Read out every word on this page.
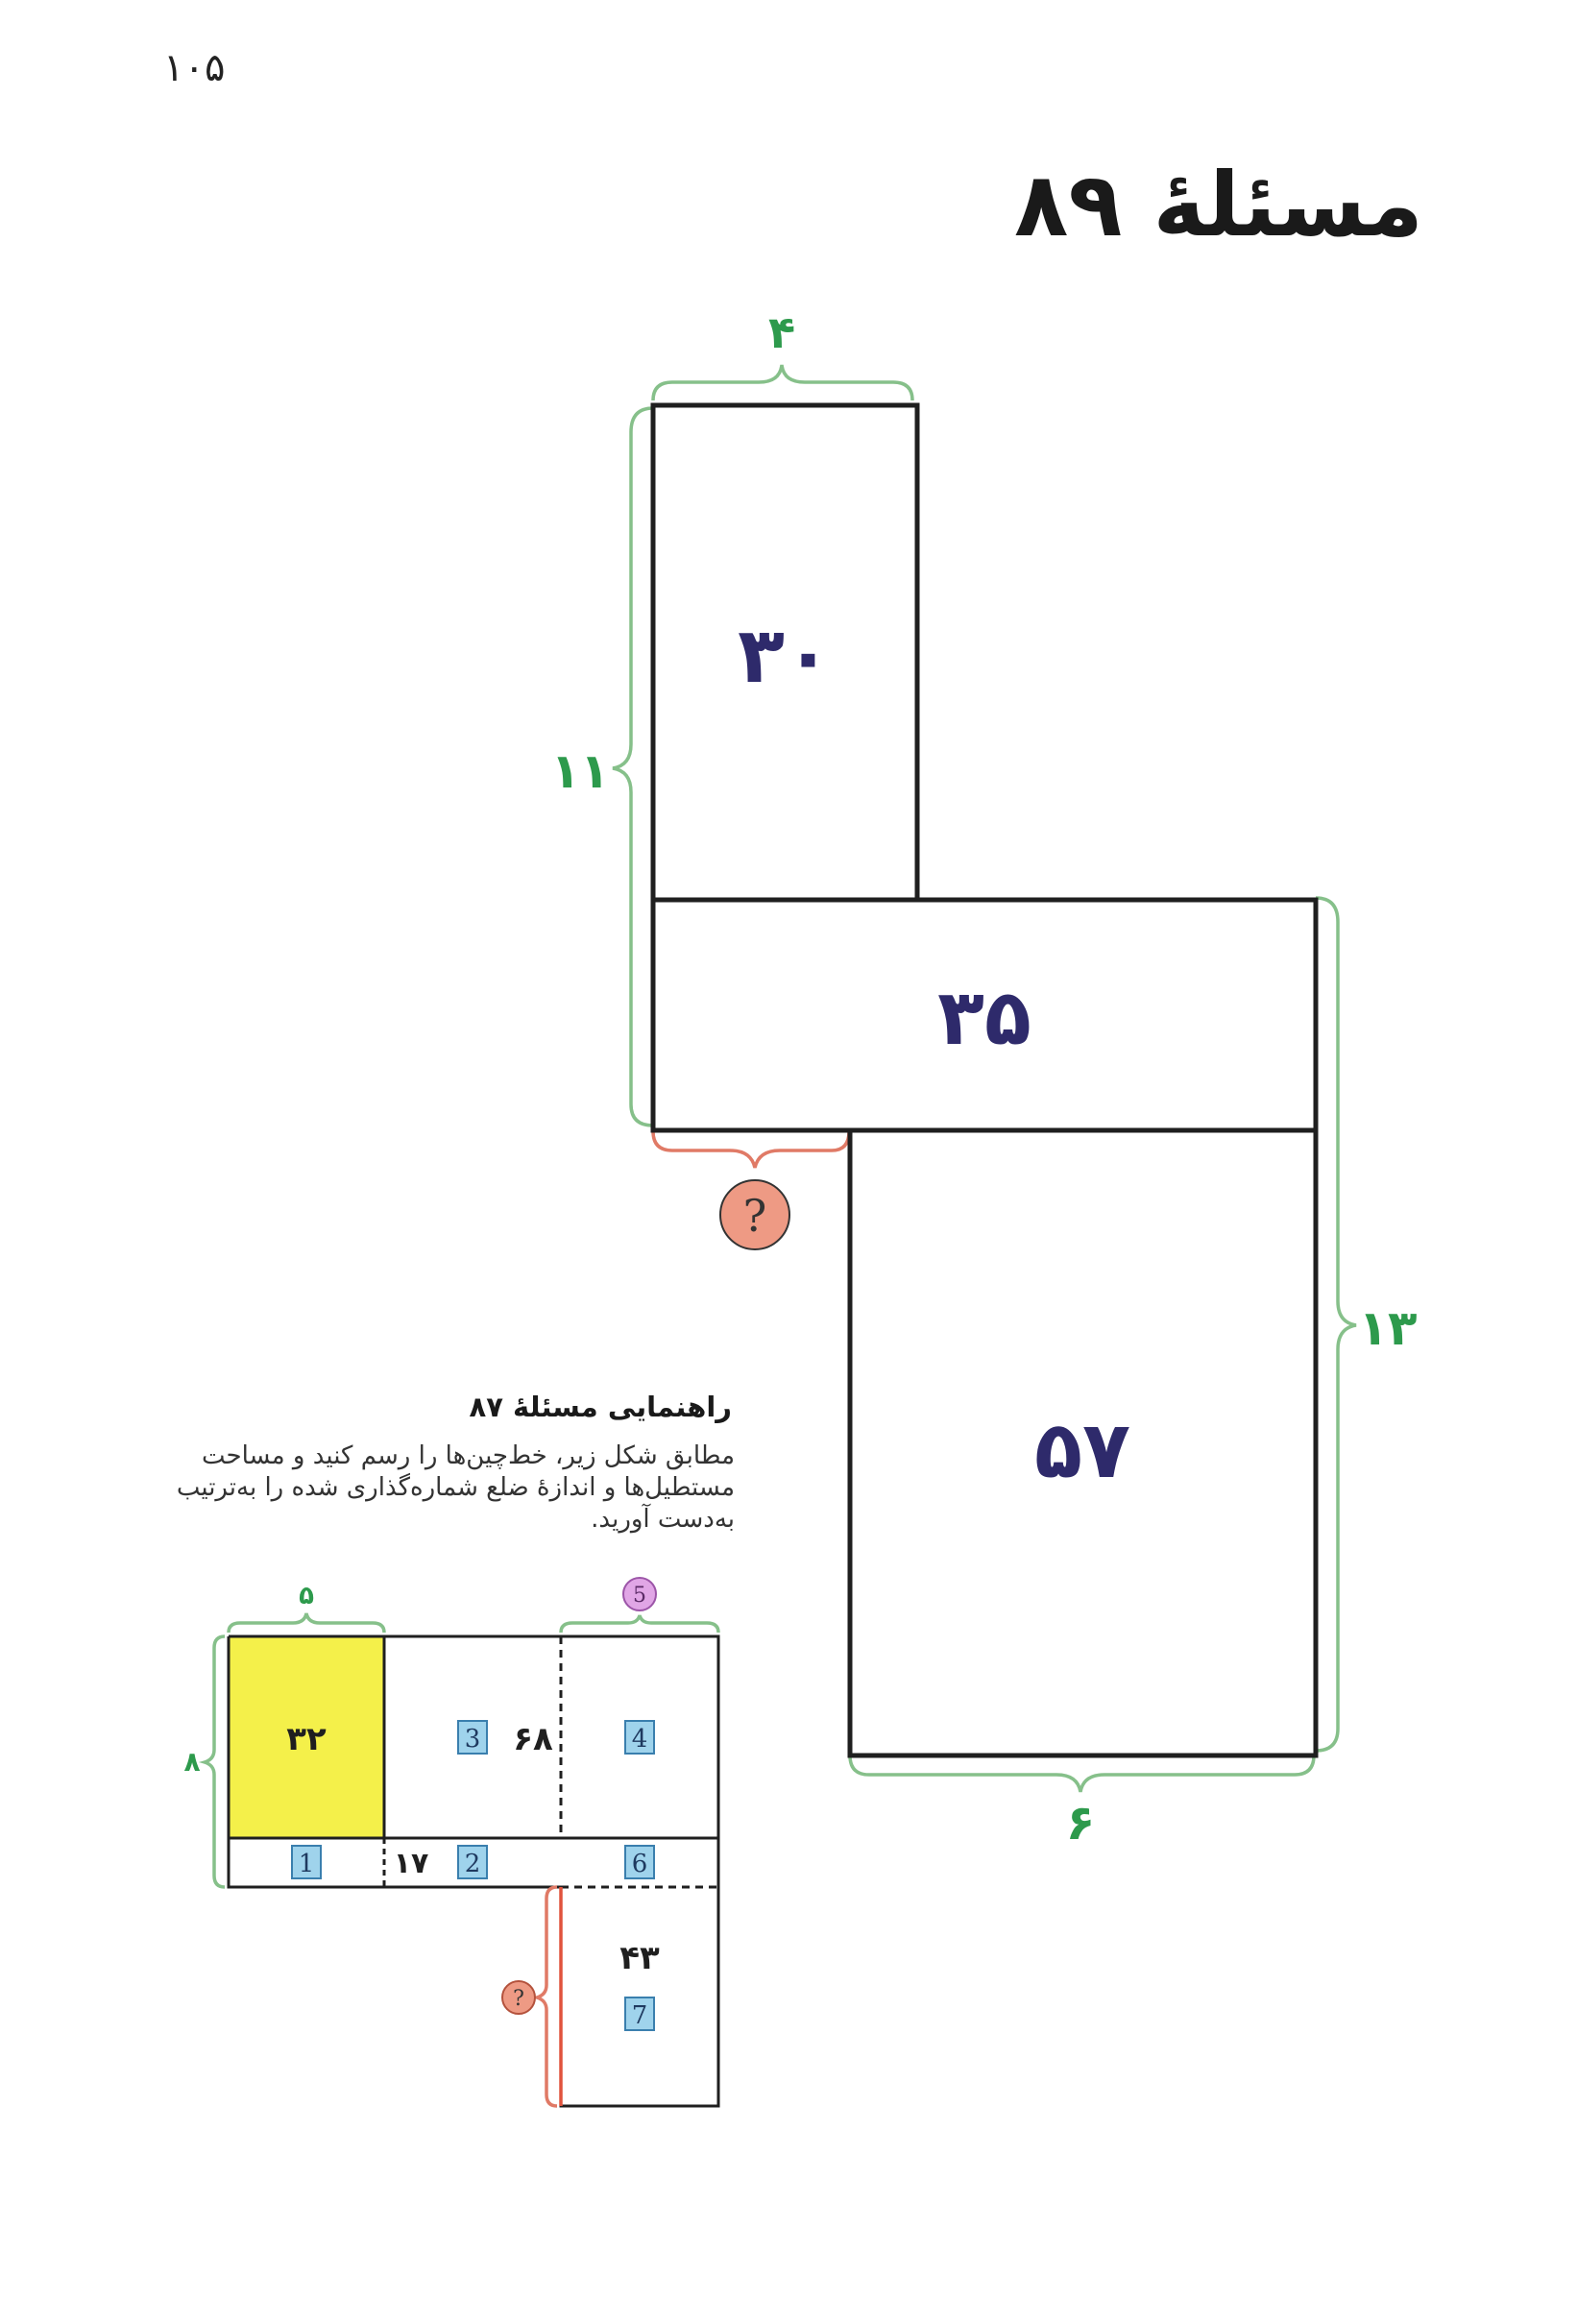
۱۰۵
مسئلهٔ ۸۹
۴
۱۱
۱۳
۶
?
۳۰
۳۵
۵۷
۵
۸
5
?
۳۲	۶۸
۱۷
۴۳
3	4
1	2	6
7
راهنمایی مسئلهٔ ۸۷
مطابق شکل زیر، خط‌چین‌ها را رسم کنید و مساحت مستطیل‌ها و اندازهٔ ضلع شماره‌گذاری شده را به‌ترتیب به‌دست آورید.
